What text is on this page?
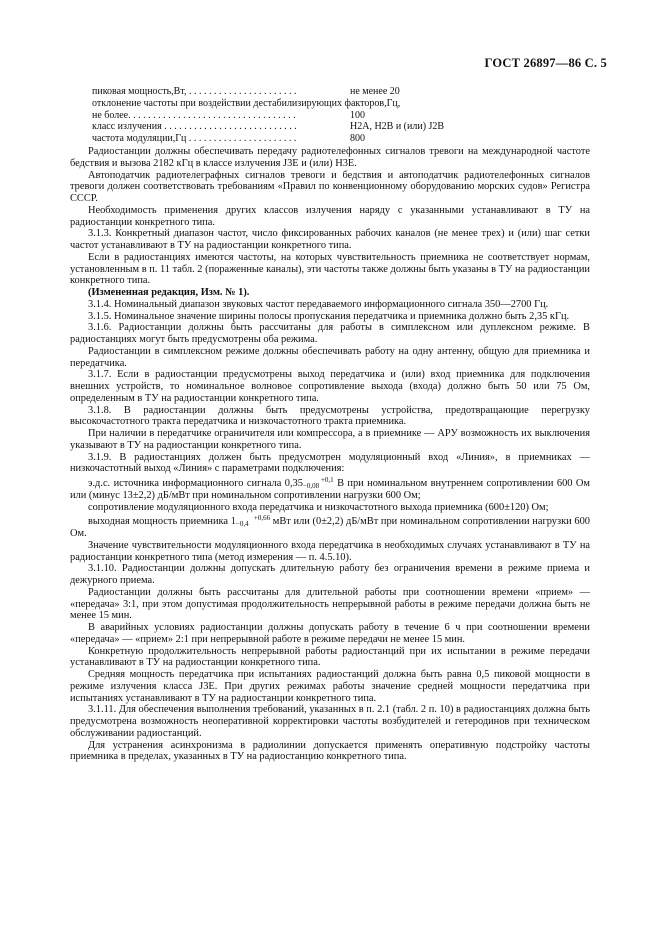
ГОСТ 26897—86 С. 5
пиковая мощность,Вт, . . . . . . . . . . . . . . . . . . . . . .	не менее 20
отклонение частоты при воздействии дестабилизирующих факторов,Гц,
не более. . . . . . . . . . . . . . . . . . . . . . . . . . . . . . . . . .	100
класс излучения . . . . . . . . . . . . . . . . . . . . . . . . . . .	Н2А, Н2В и (или) J2В
частота модуляции,Гц . . . . . . . . . . . . . . . . . . . . . .	800

Радиостанции должны обеспечивать передачу радиотелефонных сигналов тревоги на международной частоте бедствия и вызова 2182 кГц в классе излучения J3Е и (или) Н3Е.

Автоподатчик радиотелеграфных сигналов тревоги и бедствия и автоподатчик радиотелефонных сигналов тревоги должен соответствовать требованиям «Правил по конвенционному оборудованию морских судов» Регистра СССР.

Необходимость применения других классов излучения наряду с указанными устанавливают в ТУ на радиостанции конкретного типа.

3.1.3. Конкретный диапазон частот, число фиксированных рабочих каналов (не менее трех) и (или) шаг сетки частот устанавливают в ТУ на радиостанции конкретного типа.

Если в радиостанциях имеются частоты, на которых чувствительность приемника не соответствует нормам, установленным в п. 11 табл. 2 (пораженные каналы), эти частоты также должны быть указаны в ТУ на радиостанции конкретного типа.

(Измененная редакция, Изм. № 1).

3.1.4. Номинальный диапазон звуковых частот передаваемого информационного сигнала 350—2700 Гц.

3.1.5. Номинальное значение ширины полосы пропускания передатчика и приемника должно быть 2,35 кГц.

3.1.6. Радиостанции должны быть рассчитаны для работы в симплексном или дуплексном режиме. В радиостанциях могут быть предусмотрены оба режима.

Радиостанции в симплексном режиме должны обеспечивать работу на одну антенну, общую для приемника и передатчика.

3.1.7. Если в радиостанции предусмотрены выход передатчика и (или) вход приемника для подключения внешних устройств, то номинальное волновое сопротивление выхода (входа) должно быть 50 или 75 Ом, определенным в ТУ на радиостанции конкретного типа.

3.1.8. В радиостанции должны быть предусмотрены устройства, предотвращающие перегрузку высокочастотного тракта передатчика и низкочастотного тракта приемника.

При наличии в передатчике ограничителя или компрессора, а в приемнике — АРУ возможность их выключения указывают в ТУ на радиостанции конкретного типа.

3.1.9. В радиостанциях должен быть предусмотрен модуляционный вход «Линия», в приемниках — низкочастотный выход «Линия» с параметрами подключения:

э.д.с. источника информационного сигнала 0,35	+0,1
−0,08 В при номинальном внутреннем сопротивлении 600 Ом или (минус 13±2,2) дБ/мВт при номинальном сопротивлении нагрузки 600 Ом;

сопротивление модуляционного входа передатчика и низкочастотного выхода приемника (600±120) Ом;

выходная мощность приемника 1	+0,66
−0,4 мВт или (0±2,2) дБ/мВт при номинальном сопротивлении нагрузки 600 Ом.

Значение чувствительности модуляционного входа передатчика в необходимых случаях устанавливают в ТУ на радиостанции конкретного типа (метод измерения — п. 4.5.10).

3.1.10. Радиостанции должны допускать длительную работу без ограничения времени в режиме приема и дежурного приема.

Радиостанции должны быть рассчитаны для длительной работы при соотношении времени «прием» — «передача» 3:1, при этом допустимая продолжительность непрерывной работы в режиме передачи должна быть не менее 15 мин.

В аварийных условиях радиостанции должны допускать работу в течение 6 ч при соотношении времени «передача» — «прием» 2:1 при непрерывной работе в режиме передачи не менее 15 мин.

Конкретную продолжительность непрерывной работы радиостанций при их испытании в режиме передачи устанавливают в ТУ на радиостанции конкретного типа.

Средняя мощность передатчика при испытаниях радиостанций должна быть равна 0,5 пиковой мощности в режиме излучения класса J3Е. При других режимах работы значение средней мощности передатчика при испытаниях устанавливают в ТУ на радиостанции конкретного типа.

3.1.11. Для обеспечения выполнения требований, указанных в п. 2.1 (табл. 2 п. 10) в радиостанциях должна быть предусмотрена возможность неоперативной корректировки частоты возбудителей и гетеродинов при техническом обслуживании радиостанций.

Для устранения асинхронизма в радиолинии допускается применять оперативную подстройку частоты приемника в пределах, указанных в ТУ на радиостанцию конкретного типа.
